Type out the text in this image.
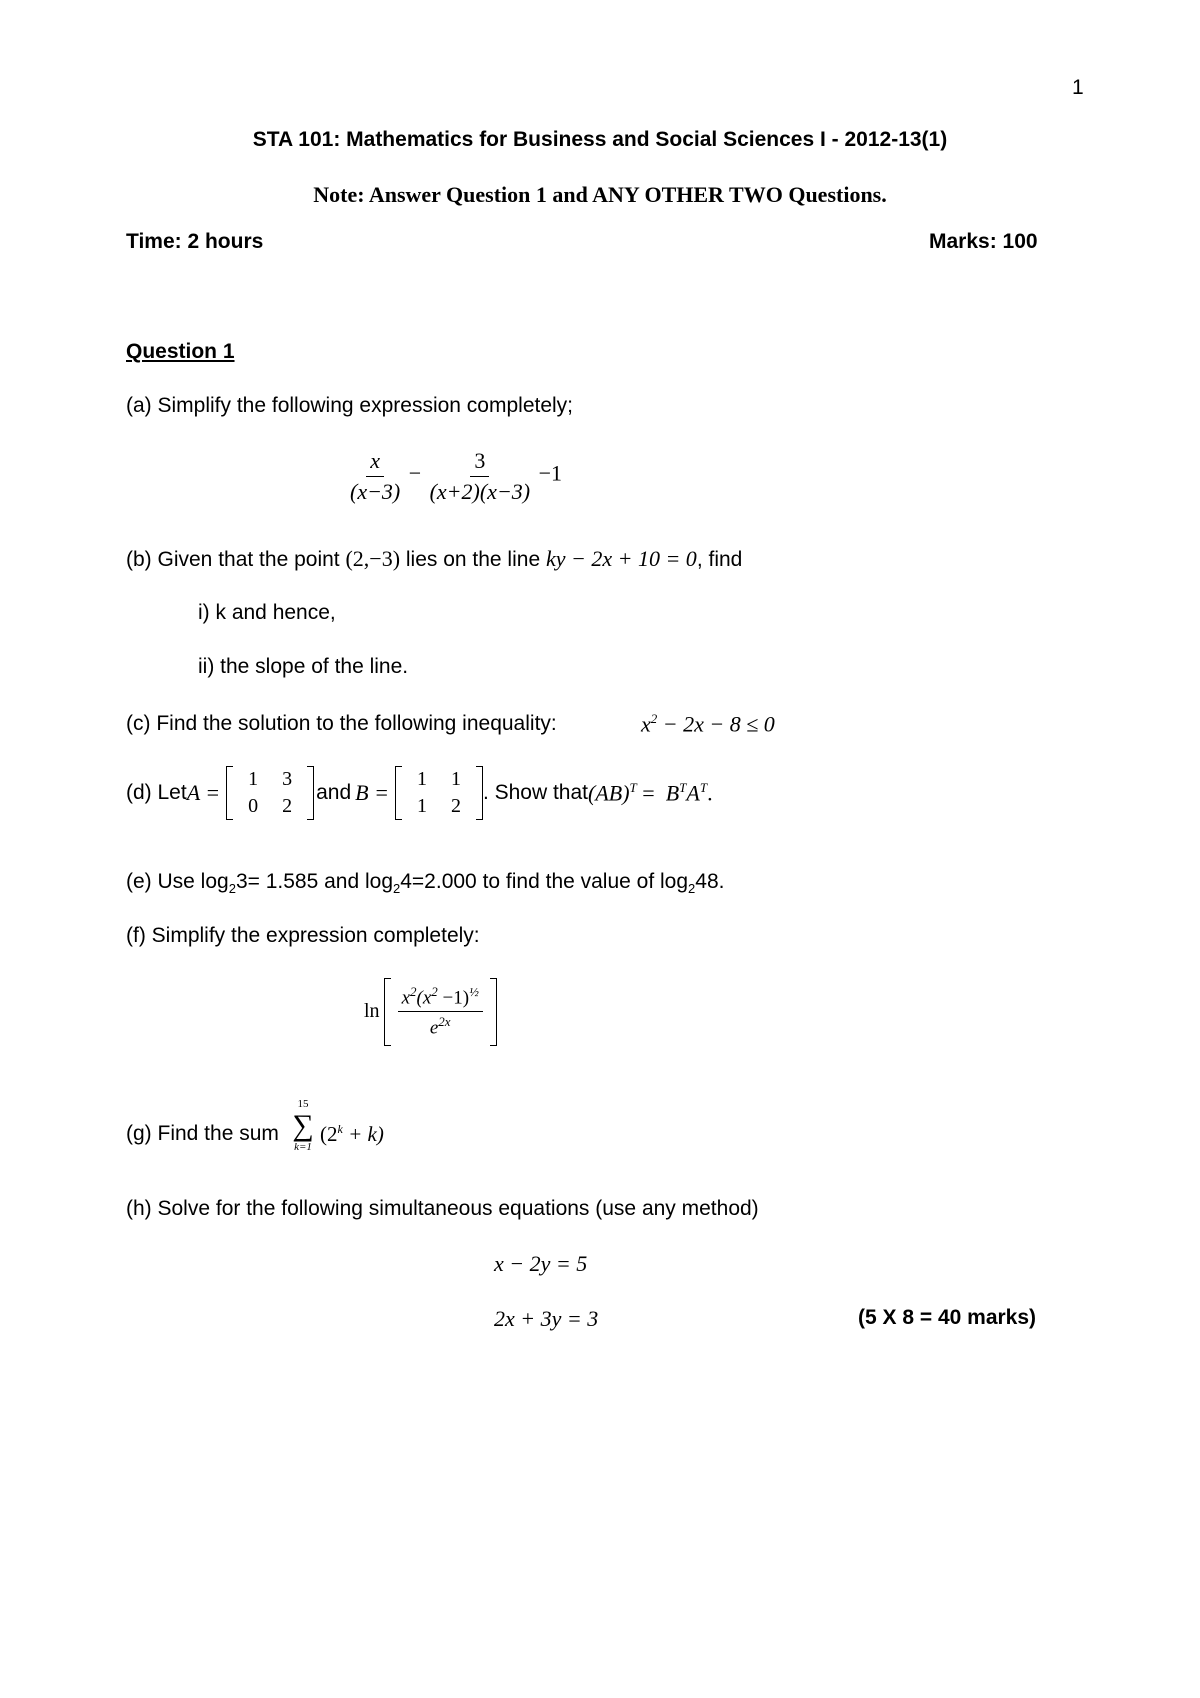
1
STA 101: Mathematics for Business and Social Sciences I - 2012-13(1)
Note: Answer Question 1 and ANY OTHER TWO Questions.
Time: 2 hours	Marks: 100
Question 1
(a) Simplify the following expression completely;
$\frac{x}{(x-3)} - \frac{3}{(x+2)(x-3)} -1$
(b) Given that the point (2,−3) lies on the line ky − 2x + 10 = 0, find
i) k and hence,
ii) the slope of the line.
(c) Find the solution to the following inequality:	$x^2 - 2x - 8 \le 0$
(d) Let A =
1	3
0	2
and B =
1	1
1	2
. Show that $(AB)^T = B^TA^T$.
(e) Use $\log_23= 1.585$ and $\log_24=2.000$ to find the value of $\log_248$.
(f) Simplify the expression completely:
$\ln \frac{x^2(x^2 -1)^{\frac{1}{2}}}{e^{2x}}$
(g) Find the sum
15
∑
k=1
$(2^k + k)$
(h) Solve for the following simultaneous equations (use any method)
x − 2y = 5
2x + 3y = 3	(5 X 8 = 40 marks)
